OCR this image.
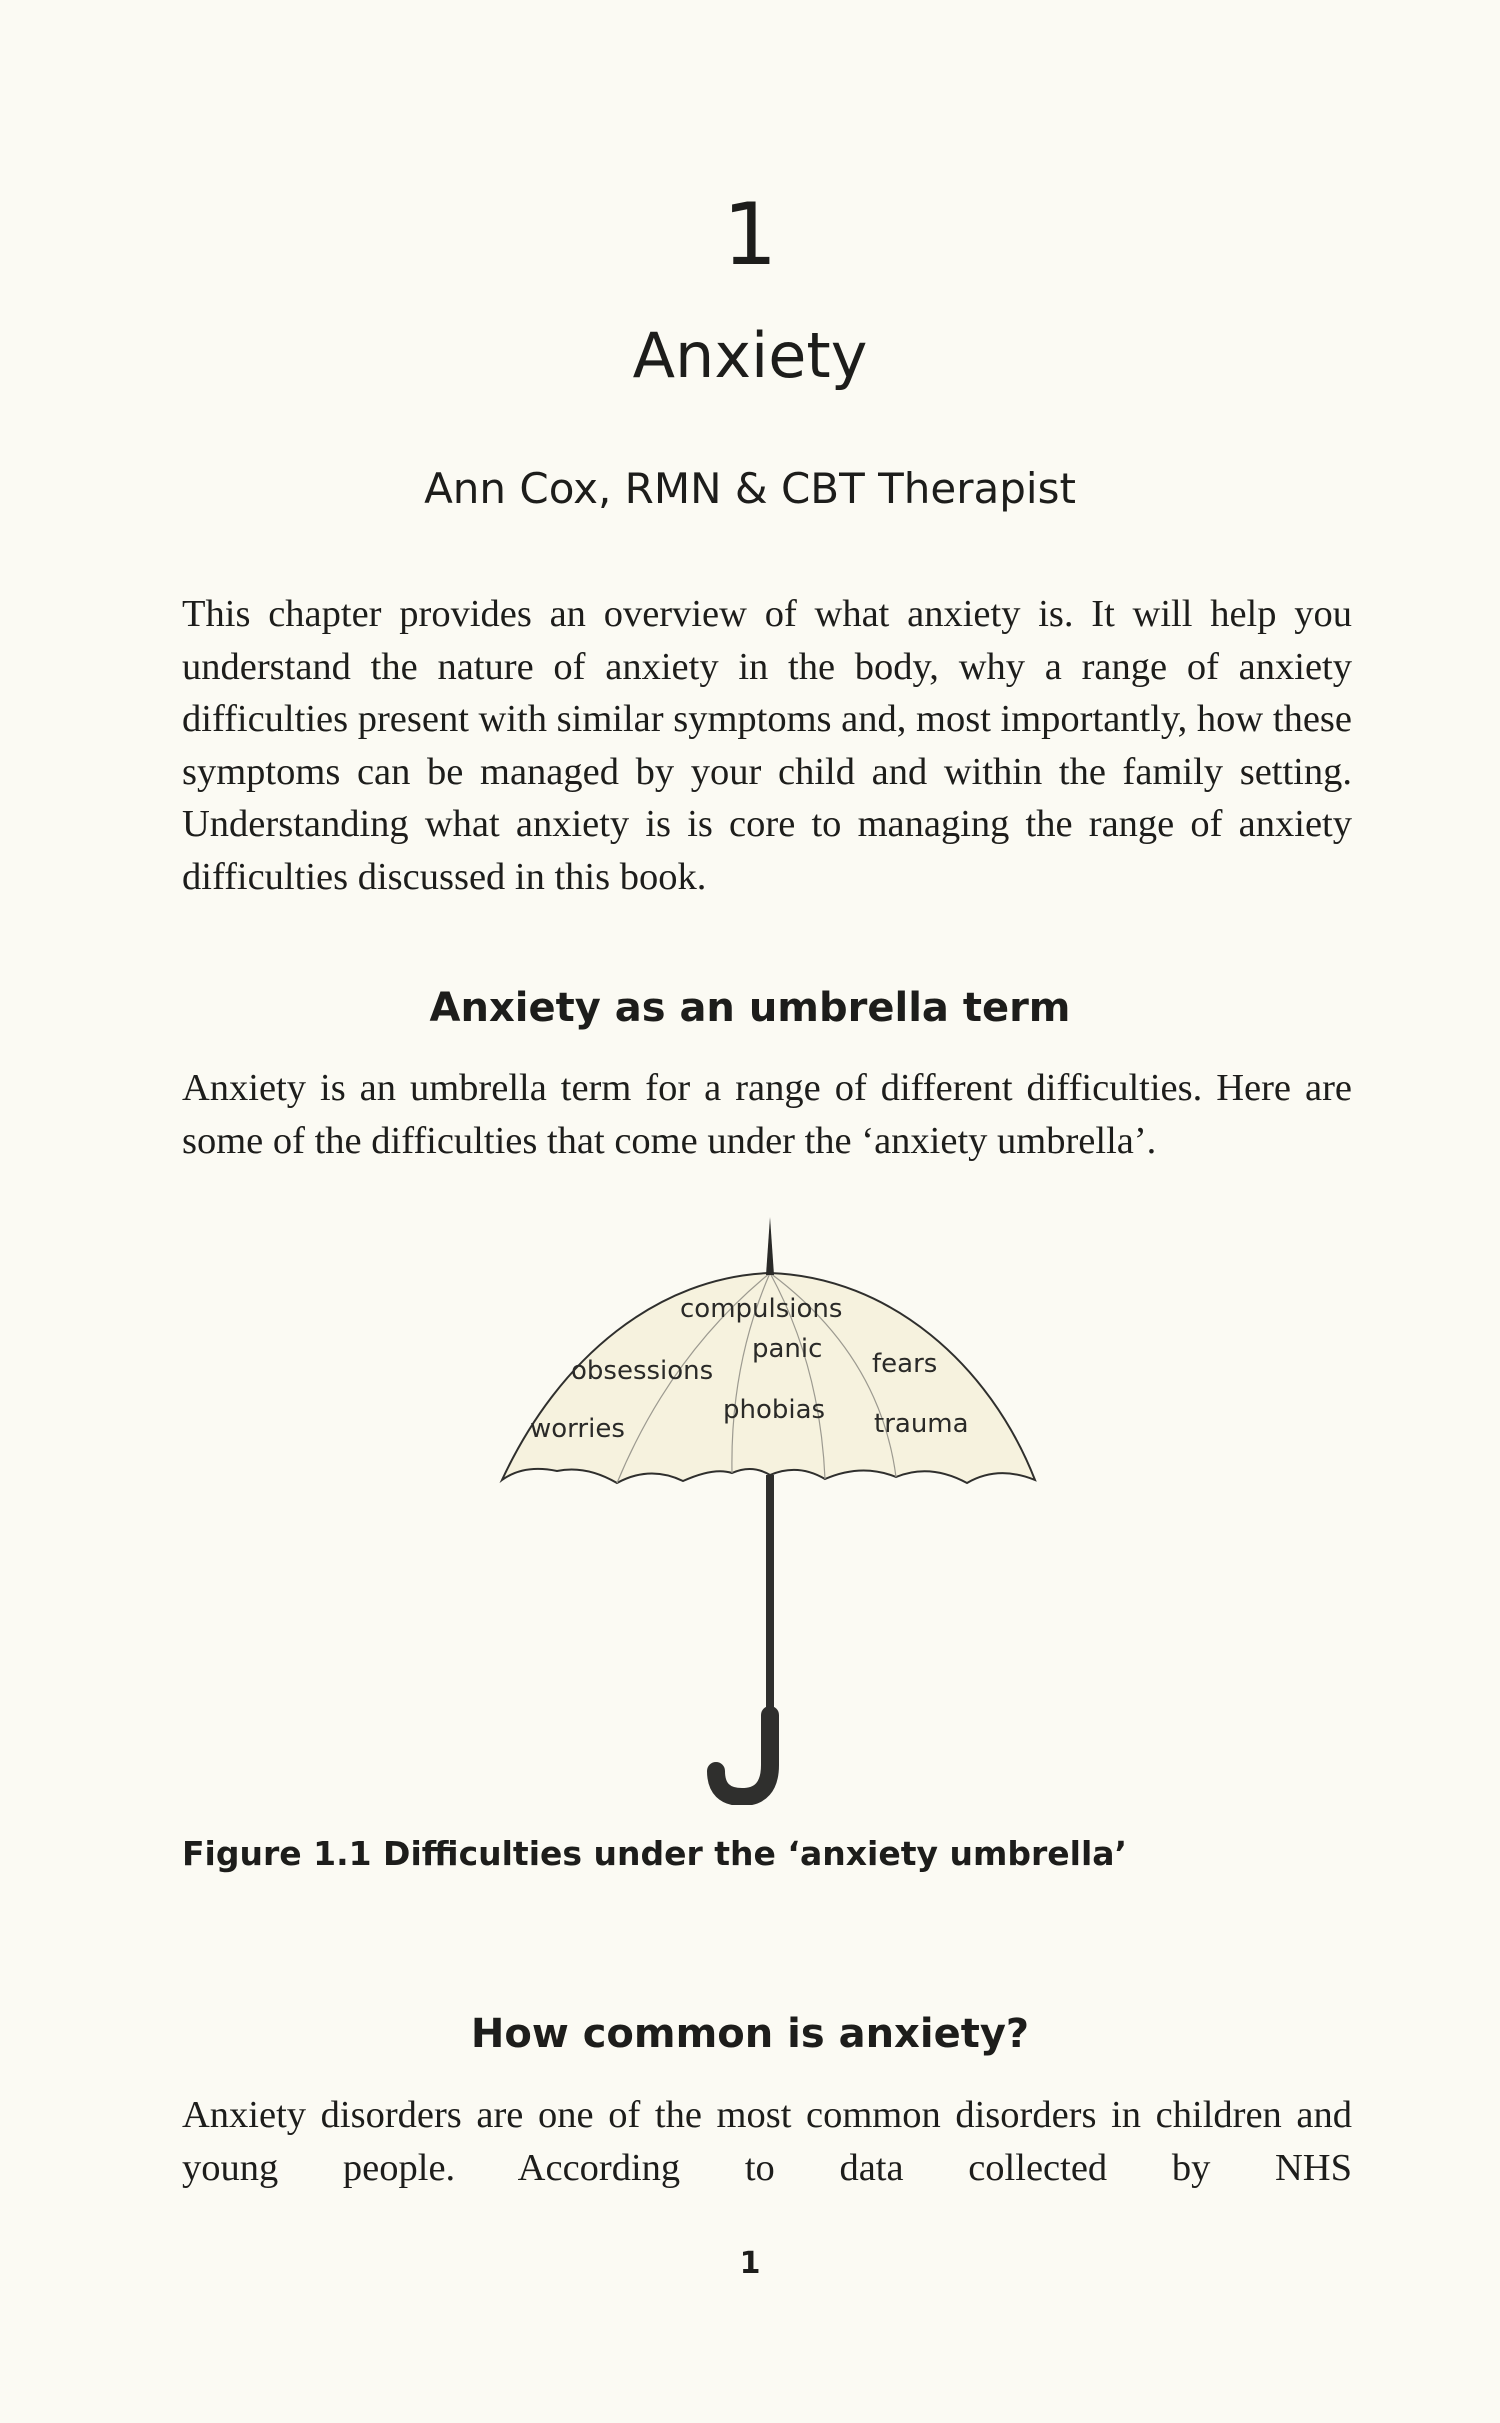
1
Anxiety

Ann Cox, RMN & CBT Therapist

This chapter provides an overview of what anxiety is. It will help you understand the nature of anxiety in the body, why a range of anxiety difficulties present with similar symptoms and, most importantly, how these symptoms can be managed by your child and within the family setting. Understanding what anxiety is is core to managing the range of anxiety difficulties discussed in this book.

Anxiety as an umbrella term

Anxiety is an umbrella term for a range of different difficulties. Here are some of the difficulties that come under the ‘anxiety umbrella’.

compulsions
panic fears
obsessions
phobias
worries	trauma

Figure 1.1 Difficulties under the ‘anxiety umbrella’

How common is anxiety?

Anxiety disorders are one of the most common disorders in children and young people. According to data collected by NHS

1
